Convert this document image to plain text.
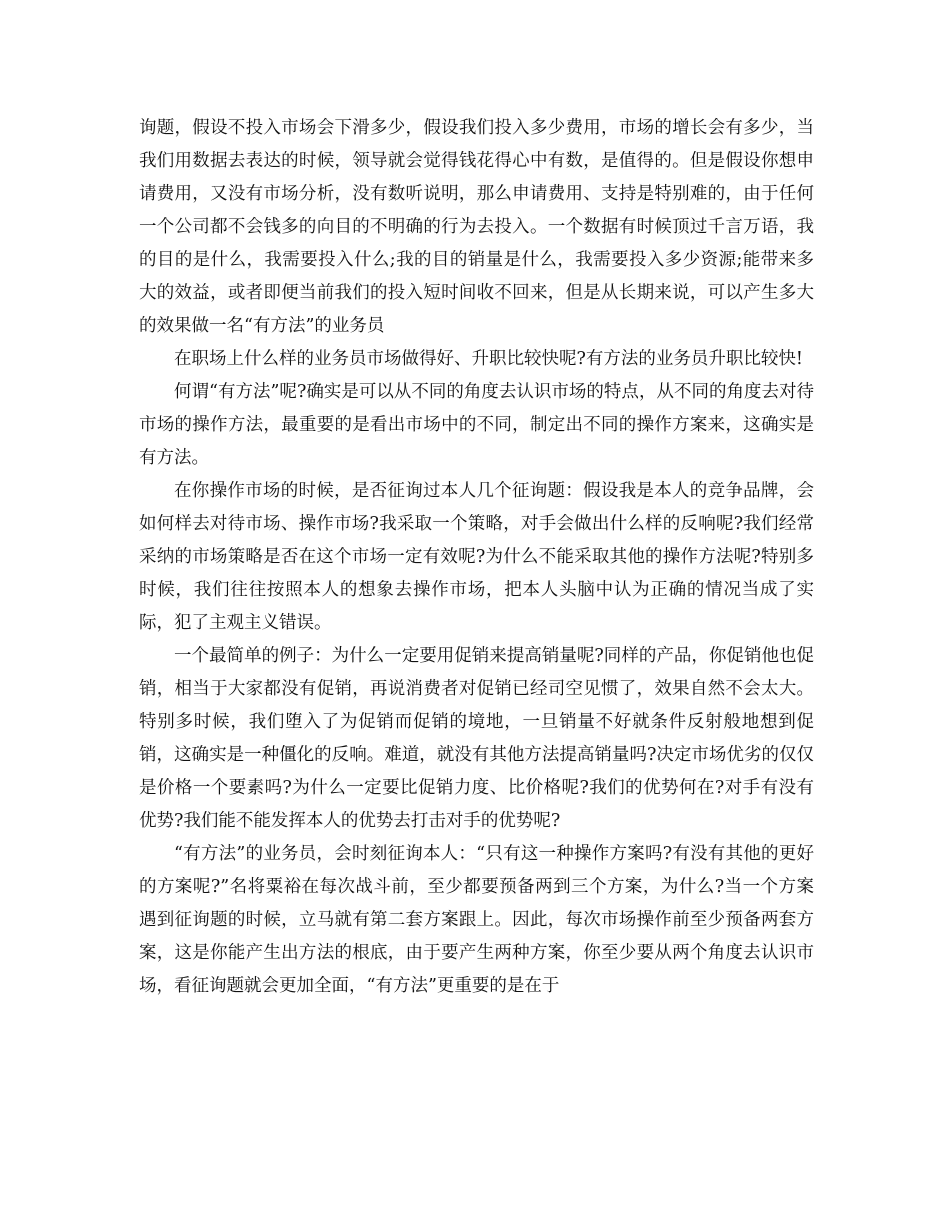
询题，假设不投入市场会下滑多少，假设我们投入多少费用，市场的增长会有多少，当我们用数据去表达的时候，领导就会觉得钱花得心中有数，是值得的。但是假设你想申请费用，又没有市场分析，没有数听说明，那么申请费用、支持是特别难的，由于任何一个公司都不会钱多的向目的不明确的行为去投入。一个数据有时候顶过千言万语，我的目的是什么，我需要投入什么;我的目的销量是什么，我需要投入多少资源;能带来多大的效益，或者即便当前我们的投入短时间收不回来，但是从长期来说，可以产生多大的效果做一名“有方法”的业务员

在职场上什么样的业务员市场做得好、升职比较快呢?有方法的业务员升职比较快!

何谓“有方法”呢?确实是可以从不同的角度去认识市场的特点，从不同的角度去对待市场的操作方法，最重要的是看出市场中的不同，制定出不同的操作方案来，这确实是有方法。

在你操作市场的时候，是否征询过本人几个征询题：假设我是本人的竞争品牌，会如何样去对待市场、操作市场?我采取一个策略，对手会做出什么样的反响呢?我们经常采纳的市场策略是否在这个市场一定有效呢?为什么不能采取其他的操作方法呢?特别多时候，我们往往按照本人的想象去操作市场，把本人头脑中认为正确的情况当成了实际，犯了主观主义错误。

一个最简单的例子：为什么一定要用促销来提高销量呢?同样的产品，你促销他也促销，相当于大家都没有促销，再说消费者对促销已经司空见惯了，效果自然不会太大。特别多时候，我们堕入了为促销而促销的境地，一旦销量不好就条件反射般地想到促销，这确实是一种僵化的反响。难道，就没有其他方法提高销量吗?决定市场优劣的仅仅是价格一个要素吗?为什么一定要比促销力度、比价格呢?我们的优势何在?对手有没有优势?我们能不能发挥本人的优势去打击对手的优势呢?

“有方法”的业务员，会时刻征询本人：“只有这一种操作方案吗?有没有其他的更好的方案呢?”名将粟裕在每次战斗前，至少都要预备两到三个方案，为什么?当一个方案遇到征询题的时候，立马就有第二套方案跟上。因此，每次市场操作前至少预备两套方案，这是你能产生出方法的根底，由于要产生两种方案，你至少要从两个角度去认识市场，看征询题就会更加全面，“有方法”更重要的是在于
